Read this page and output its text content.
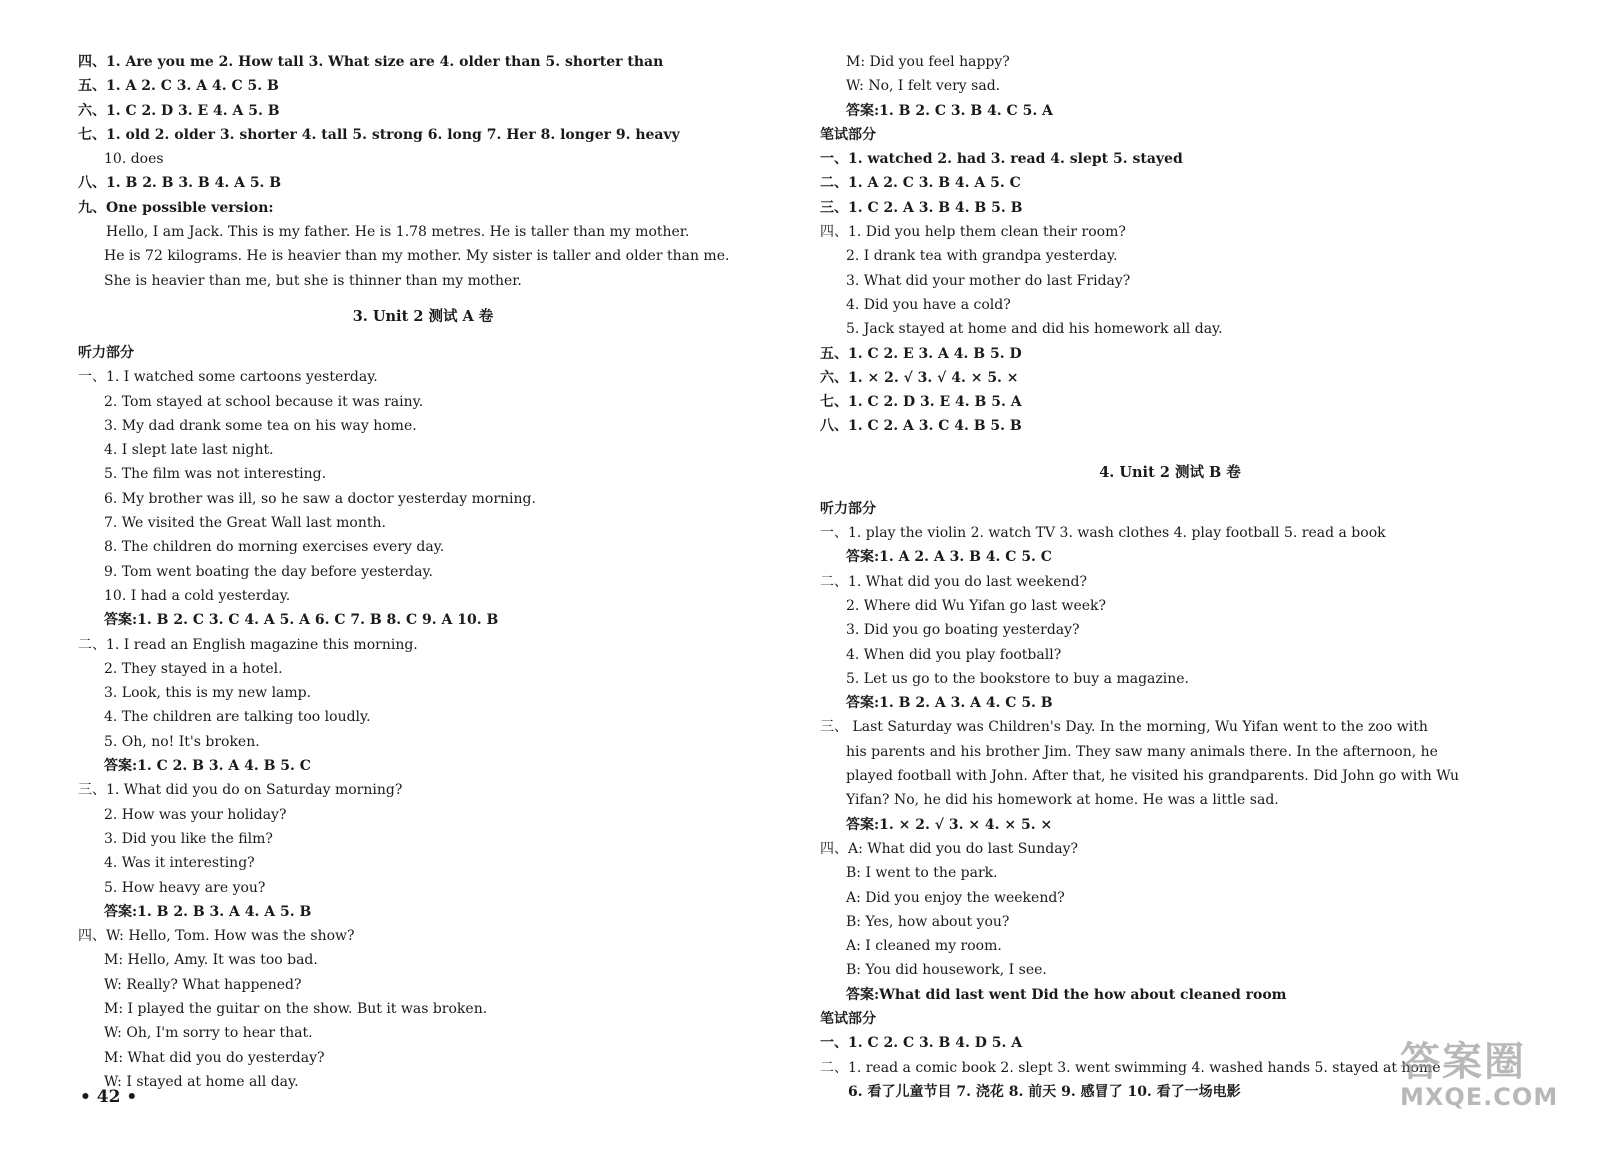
四、1. Are you me 2. How tall 3. What size are 4. older than 5. shorter than
五、1. A 2. C 3. A 4. C 5. B
六、1. C 2. D 3. E 4. A 5. B
七、1. old 2. older 3. shorter 4. tall 5. strong 6. long 7. Her 8. longer 9. heavy
10. does
八、1. B 2. B 3. B 4. A 5. B
九、One possible version:
Hello, I am Jack. This is my father. He is 1.78 metres. He is taller than my mother.
He is 72 kilograms. He is heavier than my mother. My sister is taller and older than me.
She is heavier than me, but she is thinner than my mother.
3. Unit 2 测试 A 卷
听力部分
一、1. I watched some cartoons yesterday.
2. Tom stayed at school because it was rainy.
3. My dad drank some tea on his way home.
4. I slept late last night.
5. The film was not interesting.
6. My brother was ill, so he saw a doctor yesterday morning.
7. We visited the Great Wall last month.
8. The children do morning exercises every day.
9. Tom went boating the day before yesterday.
10. I had a cold yesterday.
答案:1. B 2. C 3. C 4. A 5. A 6. C 7. B 8. C 9. A 10. B
二、1. I read an English magazine this morning.
2. They stayed in a hotel.
3. Look, this is my new lamp.
4. The children are talking too loudly.
5. Oh, no! It's broken.
答案:1. C 2. B 3. A 4. B 5. C
三、1. What did you do on Saturday morning?
2. How was your holiday?
3. Did you like the film?
4. Was it interesting?
5. How heavy are you?
答案:1. B 2. B 3. A 4. A 5. B
四、W: Hello, Tom. How was the show?
M: Hello, Amy. It was too bad.
W: Really? What happened?
M: I played the guitar on the show. But it was broken.
W: Oh, I'm sorry to hear that.
M: What did you do yesterday?
W: I stayed at home all day.
M: Did you feel happy?
W: No, I felt very sad.
答案:1. B 2. C 3. B 4. C 5. A
笔试部分
一、1. watched 2. had 3. read 4. slept 5. stayed
二、1. A 2. C 3. B 4. A 5. C
三、1. C 2. A 3. B 4. B 5. B
四、1. Did you help them clean their room?
2. I drank tea with grandpa yesterday.
3. What did your mother do last Friday?
4. Did you have a cold?
5. Jack stayed at home and did his homework all day.
五、1. C 2. E 3. A 4. B 5. D
六、1. × 2. √ 3. √ 4. × 5. ×
七、1. C 2. D 3. E 4. B 5. A
八、1. C 2. A 3. C 4. B 5. B
4. Unit 2 测试 B 卷
听力部分
一、1. play the violin 2. watch TV 3. wash clothes 4. play football 5. read a book
答案:1. A 2. A 3. B 4. C 5. C
二、1. What did you do last weekend?
2. Where did Wu Yifan go last week?
3. Did you go boating yesterday?
4. When did you play football?
5. Let us go to the bookstore to buy a magazine.
答案:1. B 2. A 3. A 4. C 5. B
三、 Last Saturday was Children's Day. In the morning, Wu Yifan went to the zoo with
his parents and his brother Jim. They saw many animals there. In the afternoon, he
played football with John. After that, he visited his grandparents. Did John go with Wu
Yifan? No, he did his homework at home. He was a little sad.
答案:1. × 2. √ 3. × 4. × 5. ×
四、A: What did you do last Sunday?
B: I went to the park.
A: Did you enjoy the weekend?
B: Yes, how about you?
A: I cleaned my room.
B: You did housework, I see.
答案:What did last went Did the how about cleaned room
笔试部分
一、1. C 2. C 3. B 4. D 5. A
二、1. read a comic book 2. slept 3. went swimming 4. washed hands 5. stayed at home
6. 看了儿童节目 7. 浇花 8. 前天 9. 感冒了 10. 看了一场电影
• 42 •
答案圈
MXQE.COM
